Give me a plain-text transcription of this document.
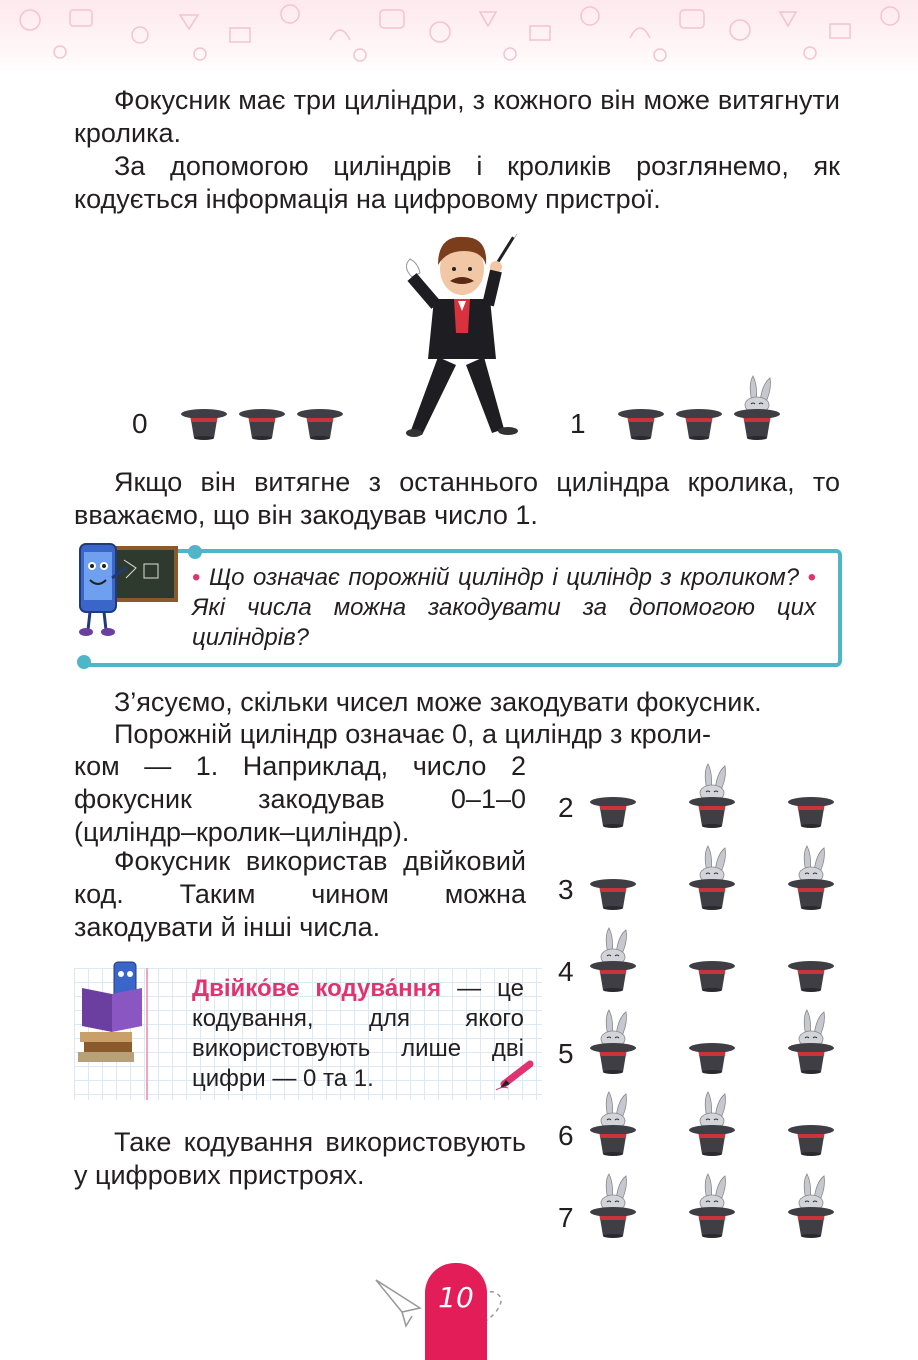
Фокусник має три циліндри, з кожного він може витягнути кролика.

За допомогою циліндрів і кроликів розглянемо, як кодується інформація на цифровому пристрої.

0	1

Якщо він витягне з останнього циліндра кролика, то вважаємо, що він закодував число 1.

• Що означає порожній циліндр і циліндр з кроликом? • Які числа можна закодувати за допомогою цих циліндрів?

З’ясуємо, скільки чисел може закодувати фокусник.

Порожній циліндр означає 0, а циліндр з кроли-

ком — 1. Наприклад, число 2 фокусник закодував 0–1–0 (циліндр–кролик–циліндр).

Фокусник використав двійковий код. Таким чином можна закодувати й інші числа.

Двійко́ве кодува́ння — це кодування, для якого використовують лише дві цифри — 0 та 1.

Таке кодування використовують у цифрових пристроях.

2
3
4
5
6
7
10
